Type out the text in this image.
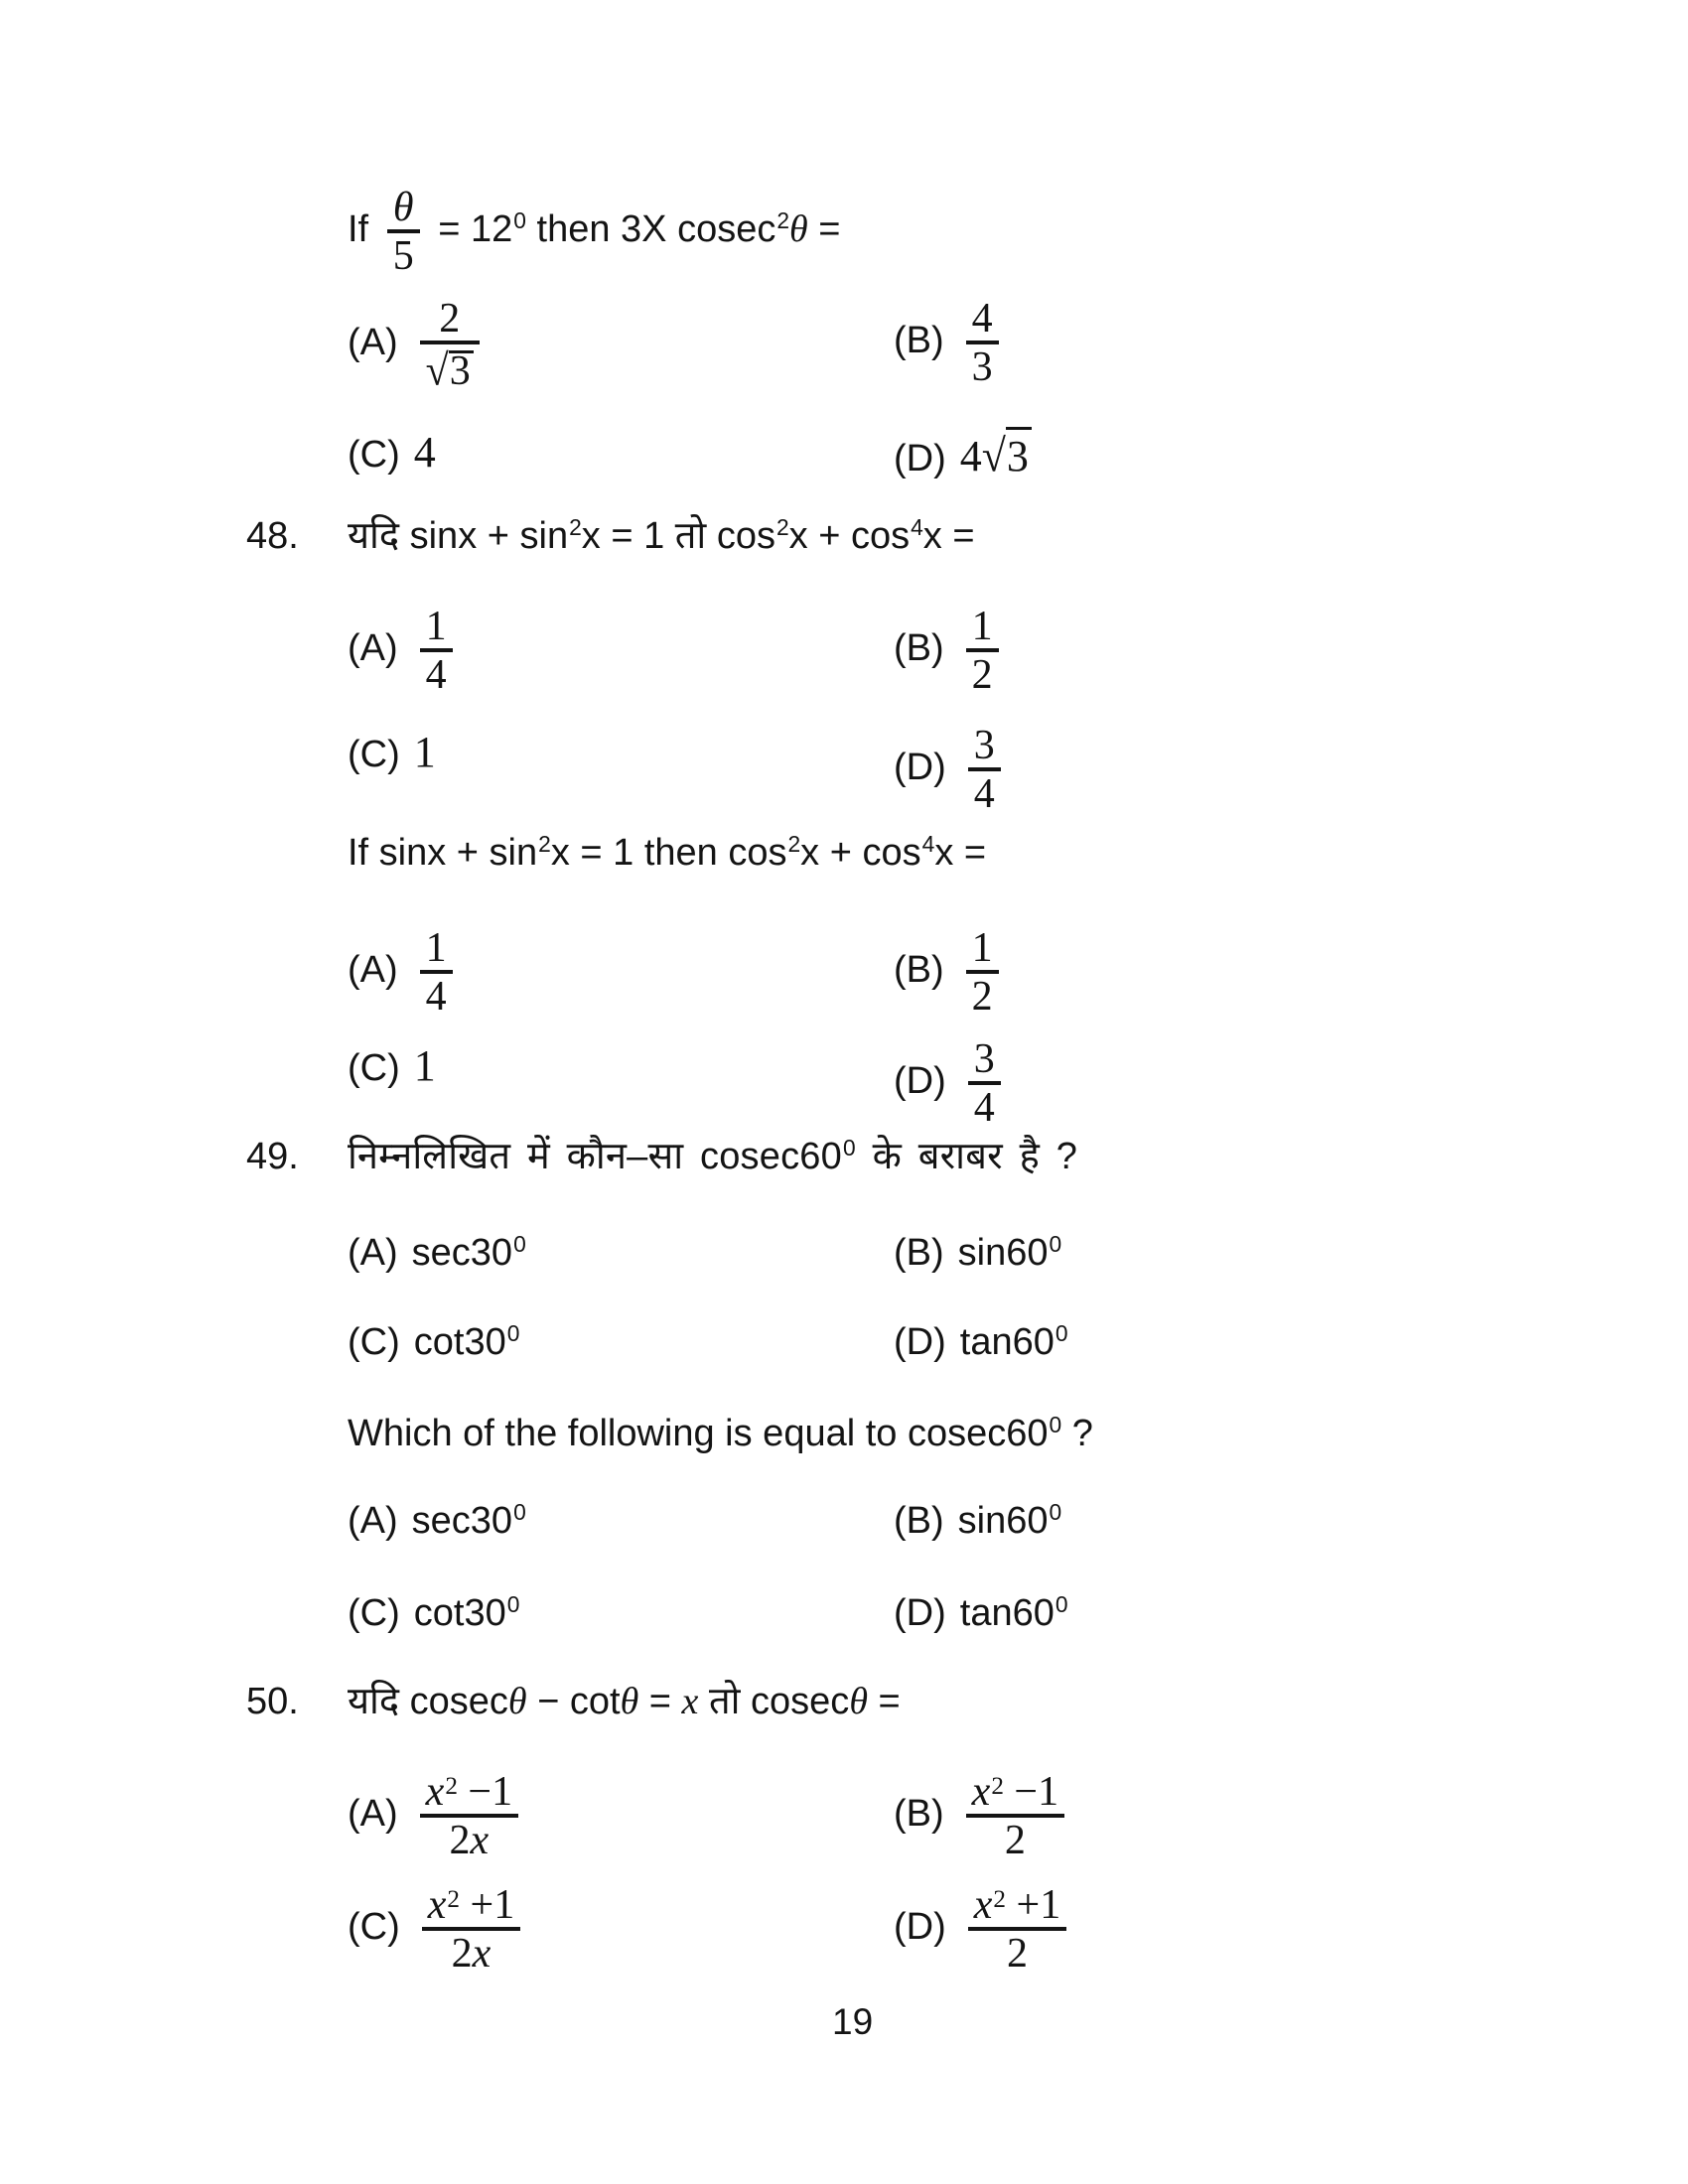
If $\frac{\theta}{5} = 120$ then 3X cosec2θ =
$(A) \frac{2}{√3}$	$(B) \frac{4}{3}$
(C) 4	(D) 4√3
48. यदि sinx + sin2x = 1 तो cos2x + cos4x =
$(A) \frac{1}{4}$	$(B) \frac{1}{2}$
(C) 1	$(D) \frac{3}{4}$
If sinx + sin2x = 1 then cos2x + cos4x =
$(A) \frac{1}{4}$	$(B) \frac{1}{2}$
(C) 1	$(D) \frac{3}{4}$
49. निम्नलिखित में कौन–सा cosec600 के बराबर है ?
(A) sec300	(B) sin600
(C) cot300	(D) tan600
Which of the following is equal to cosec600 ?
(A) sec300	(B) sin600
(C) cot300	(D) tan600
50. यदि cosecθ − cotθ = x तो cosecθ =
$(A) \frac{x2 -1}{2x}$	$(B) \frac{x2 -1}{2}$
$(C) \frac{x2 +1}{2x}$	$(D) \frac{x2 +1}{2}$
19
